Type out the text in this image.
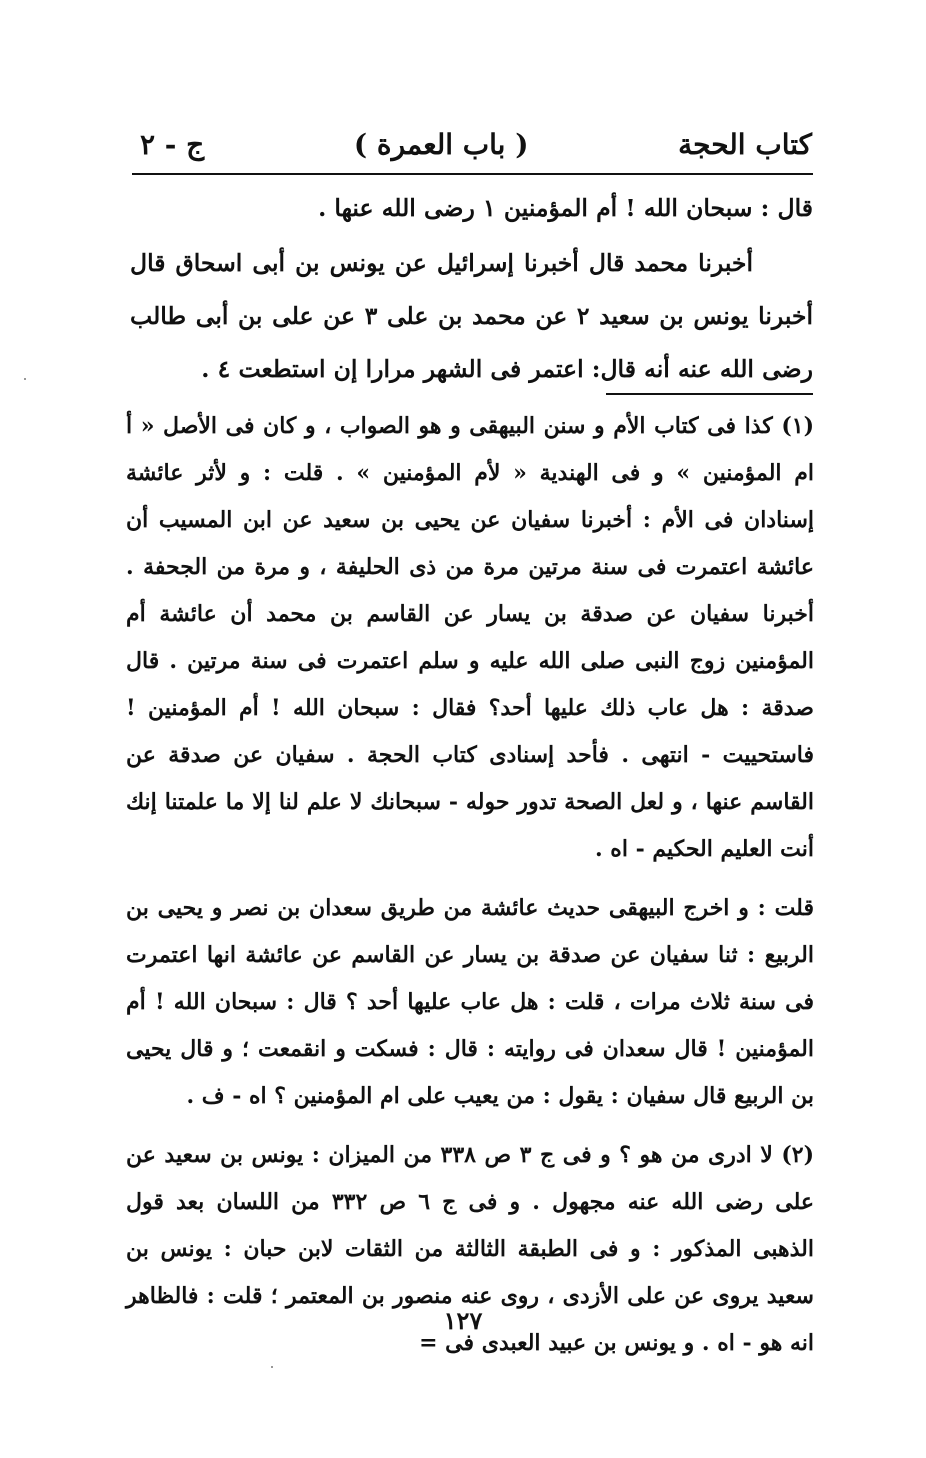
كتاب الحجة
( باب العمرة )
ج - ٢

قال : سبحان الله ! أم المؤمنين ١ رضى الله عنها .

أخبرنا محمد قال أخبرنا إسرائيل عن يونس بن أبى اسحاق قال أخبرنا يونس بن سعيد ٢ عن محمد بن على ٣ عن على بن أبى طالب رضى الله عنه أنه قال: اعتمر فى الشهر مرارا إن استطعت ٤ .

(١) كذا فى كتاب الأم و سنن البيهقى و هو الصواب ، و كان فى الأصل « أ ام المؤمنين » و فى الهندية « لأم المؤمنين » . قلت : و لأثر عائشة إسنادان فى الأم : أخبرنا سفيان عن يحيى بن سعيد عن ابن المسيب أن عائشة اعتمرت فى سنة مرتين مرة من ذى الحليفة ، و مرة من الجحفة . أخبرنا سفيان عن صدقة بن يسار عن القاسم بن محمد أن عائشة أم المؤمنين زوج النبى صلى الله عليه و سلم اعتمرت فى سنة مرتين . قال صدقة : هل عاب ذلك عليها أحد؟ فقال : سبحان الله ! أم المؤمنين ! فاستحييت - انتهى . فأحد إسنادى كتاب الحجة . سفيان عن صدقة عن القاسم عنها ، و لعل الصحة تدور حوله - سبحانك لا علم لنا إلا ما علمتنا إنك أنت العليم الحكيم - اه .

قلت : و اخرج البيهقى حديث عائشة من طريق سعدان بن نصر و يحيى بن الربيع : ثنا سفيان عن صدقة بن يسار عن القاسم عن عائشة انها اعتمرت فى سنة ثلاث مرات ، قلت : هل عاب عليها أحد ؟ قال : سبحان الله ! أم المؤمنين ! قال سعدان فى روايته : قال : فسكت و انقمعت ؛ و قال يحيى بن الربيع قال سفيان : يقول : من يعيب على ام المؤمنين ؟ اه - ف .

(٢) لا ادرى من هو ؟ و فى ج ٣ ص ٣٣٨ من الميزان : يونس بن سعيد عن على رضى الله عنه مجهول . و فى ج ٦ ص ٣٣٢ من اللسان بعد قول الذهبى المذكور : و فى الطبقة الثالثة من الثقات لابن حبان : يونس بن سعيد يروى عن على الأزدى ، روى عنه منصور بن المعتمر ؛ قلت : فالظاهر انه هو - اه . و يونس بن عبيد العبدى فى =

١٢٧
